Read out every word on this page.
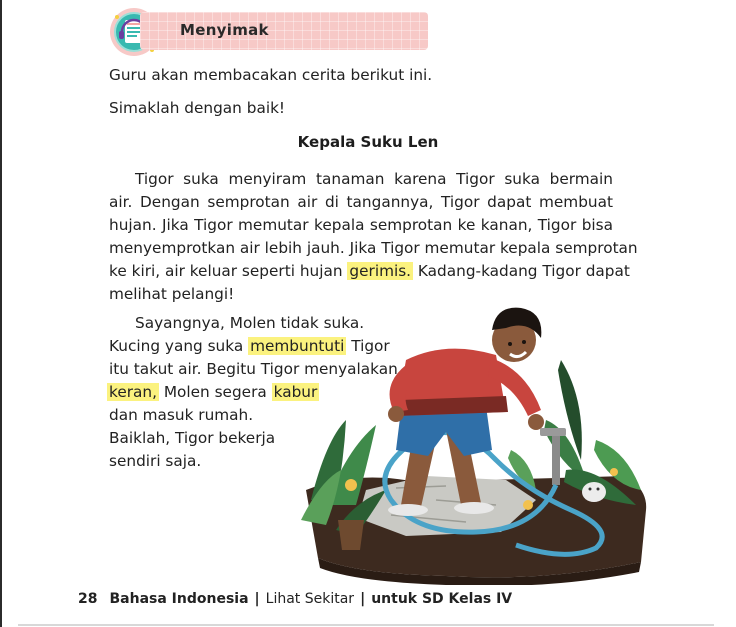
Menyimak
Guru akan membacakan cerita berikut ini.
Simaklah dengan baik!
Kepala Suku Len
Tigor suka menyiram tanaman karena Tigor suka bermain
air. Dengan semprotan air di tangannya, Tigor dapat membuat
hujan. Jika Tigor memutar kepala semprotan ke kanan, Tigor bisa
menyemprotkan air lebih jauh. Jika Tigor memutar kepala semprotan
ke kiri, air keluar seperti hujan gerimis. Kadang-kadang Tigor dapat
melihat pelangi!
Sayangnya, Molen tidak suka.
Kucing yang suka membuntuti Tigor
itu takut air. Begitu Tigor menyalakan
keran, Molen segera kabur
dan masuk rumah.
Baiklah, Tigor bekerja
sendiri saja.
28 Bahasa Indonesia | Lihat Sekitar | untuk SD Kelas IV
